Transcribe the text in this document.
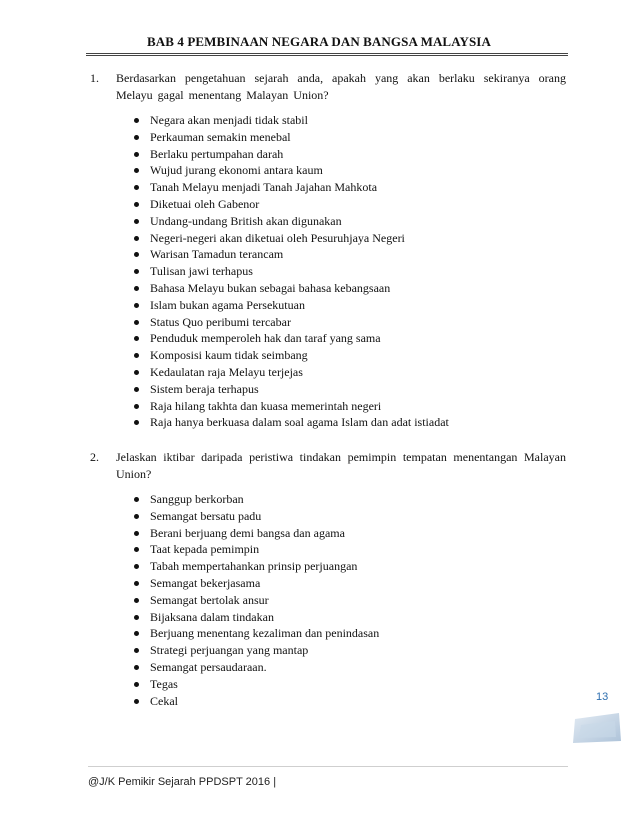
BAB 4 PEMBINAAN NEGARA DAN BANGSA MALAYSIA
1. Berdasarkan pengetahuan sejarah anda, apakah yang akan berlaku sekiranya orang Melayu gagal menentang Malayan Union?
Negara akan menjadi tidak stabil
Perkauman semakin menebal
Berlaku pertumpahan darah
Wujud jurang ekonomi antara kaum
Tanah Melayu menjadi Tanah Jajahan Mahkota
Diketuai oleh Gabenor
Undang-undang British akan digunakan
Negeri-negeri akan diketuai oleh Pesuruhjaya Negeri
Warisan Tamadun terancam
Tulisan jawi terhapus
Bahasa Melayu bukan sebagai bahasa kebangsaan
Islam bukan agama Persekutuan
Status Quo peribumi tercabar
Penduduk memperoleh hak dan taraf yang sama
Komposisi kaum tidak seimbang
Kedaulatan raja Melayu terjejas
Sistem beraja terhapus
Raja hilang takhta dan kuasa memerintah negeri
Raja hanya berkuasa dalam soal agama Islam dan adat istiadat
2. Jelaskan iktibar daripada peristiwa tindakan pemimpin tempatan menentangan Malayan Union?
Sanggup berkorban
Semangat bersatu padu
Berani berjuang demi bangsa dan agama
Taat kepada pemimpin
Tabah mempertahankan prinsip perjuangan
Semangat bekerjasama
Semangat bertolak ansur
Bijaksana dalam tindakan
Berjuang menentang kezaliman dan penindasan
Strategi perjuangan yang mantap
Semangat persaudaraan.
Tegas
Cekal	13
@J/K Pemikir Sejarah PPDSPT 2016 |
